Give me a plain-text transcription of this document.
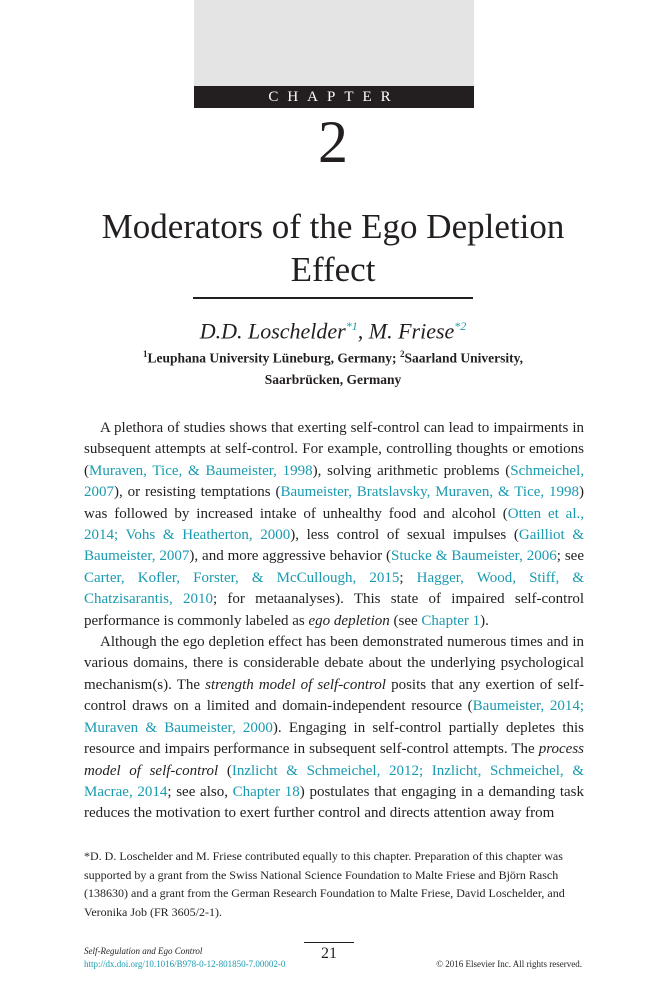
CHAPTER
2
Moderators of the Ego Depletion
Effect
D.D. Loschelder$^{*1}$, M. Friese$^{*2}$
$^1$Leuphana University Lüneburg, Germany; $^2$Saarland University,
Saarbrücken, Germany

A plethora of studies shows that exerting self-control can lead to impairments in subsequent attempts at self-control. For example, controlling thoughts or emotions (Muraven, Tice, & Baumeister, 1998), solving arithmetic problems (Schmeichel, 2007), or resisting temptations (Baumeister, Bratslavsky, Muraven, & Tice, 1998) was followed by increased intake of unhealthy food and alcohol (Otten et al., 2014; Vohs & Heatherton, 2000), less control of sexual impulses (Gailliot & Baumeister, 2007), and more aggressive behavior (Stucke & Baumeister, 2006; see Carter, Kofler, Forster, & McCullough, 2015; Hagger, Wood, Stiff, & Chatzisarantis, 2010; for metaanalyses). This state of impaired self-control performance is commonly labeled as ego depletion (see Chapter 1).

Although the ego depletion effect has been demonstrated numerous times and in various domains, there is considerable debate about the underlying psychological mechanism(s). The strength model of self-control posits that any exertion of self-control draws on a limited and domain-independent resource (Baumeister, 2014; Muraven & Baumeister, 2000). Engaging in self-control partially depletes this resource and impairs performance in subsequent self-control attempts. The process model of self-control (Inzlicht & Schmeichel, 2012; Inzlicht, Schmeichel, & Macrae, 2014; see also, Chapter 18) postulates that engaging in a demanding task reduces the motivation to exert further control and directs attention away from

*D. D. Loschelder and M. Friese contributed equally to this chapter. Preparation of this chapter was supported by a grant from the Swiss National Science Foundation to Malte Friese and Björn Rasch (138630) and a grant from the German Research Foundation to Malte Friese, David Loschelder, and Veronika Job (FR 3605/2-1).
Self-Regulation and Ego Control
http://dx.doi.org/10.1016/B978-0-12-801850-7.00002-0
21
© 2016 Elsevier Inc. All rights reserved.
